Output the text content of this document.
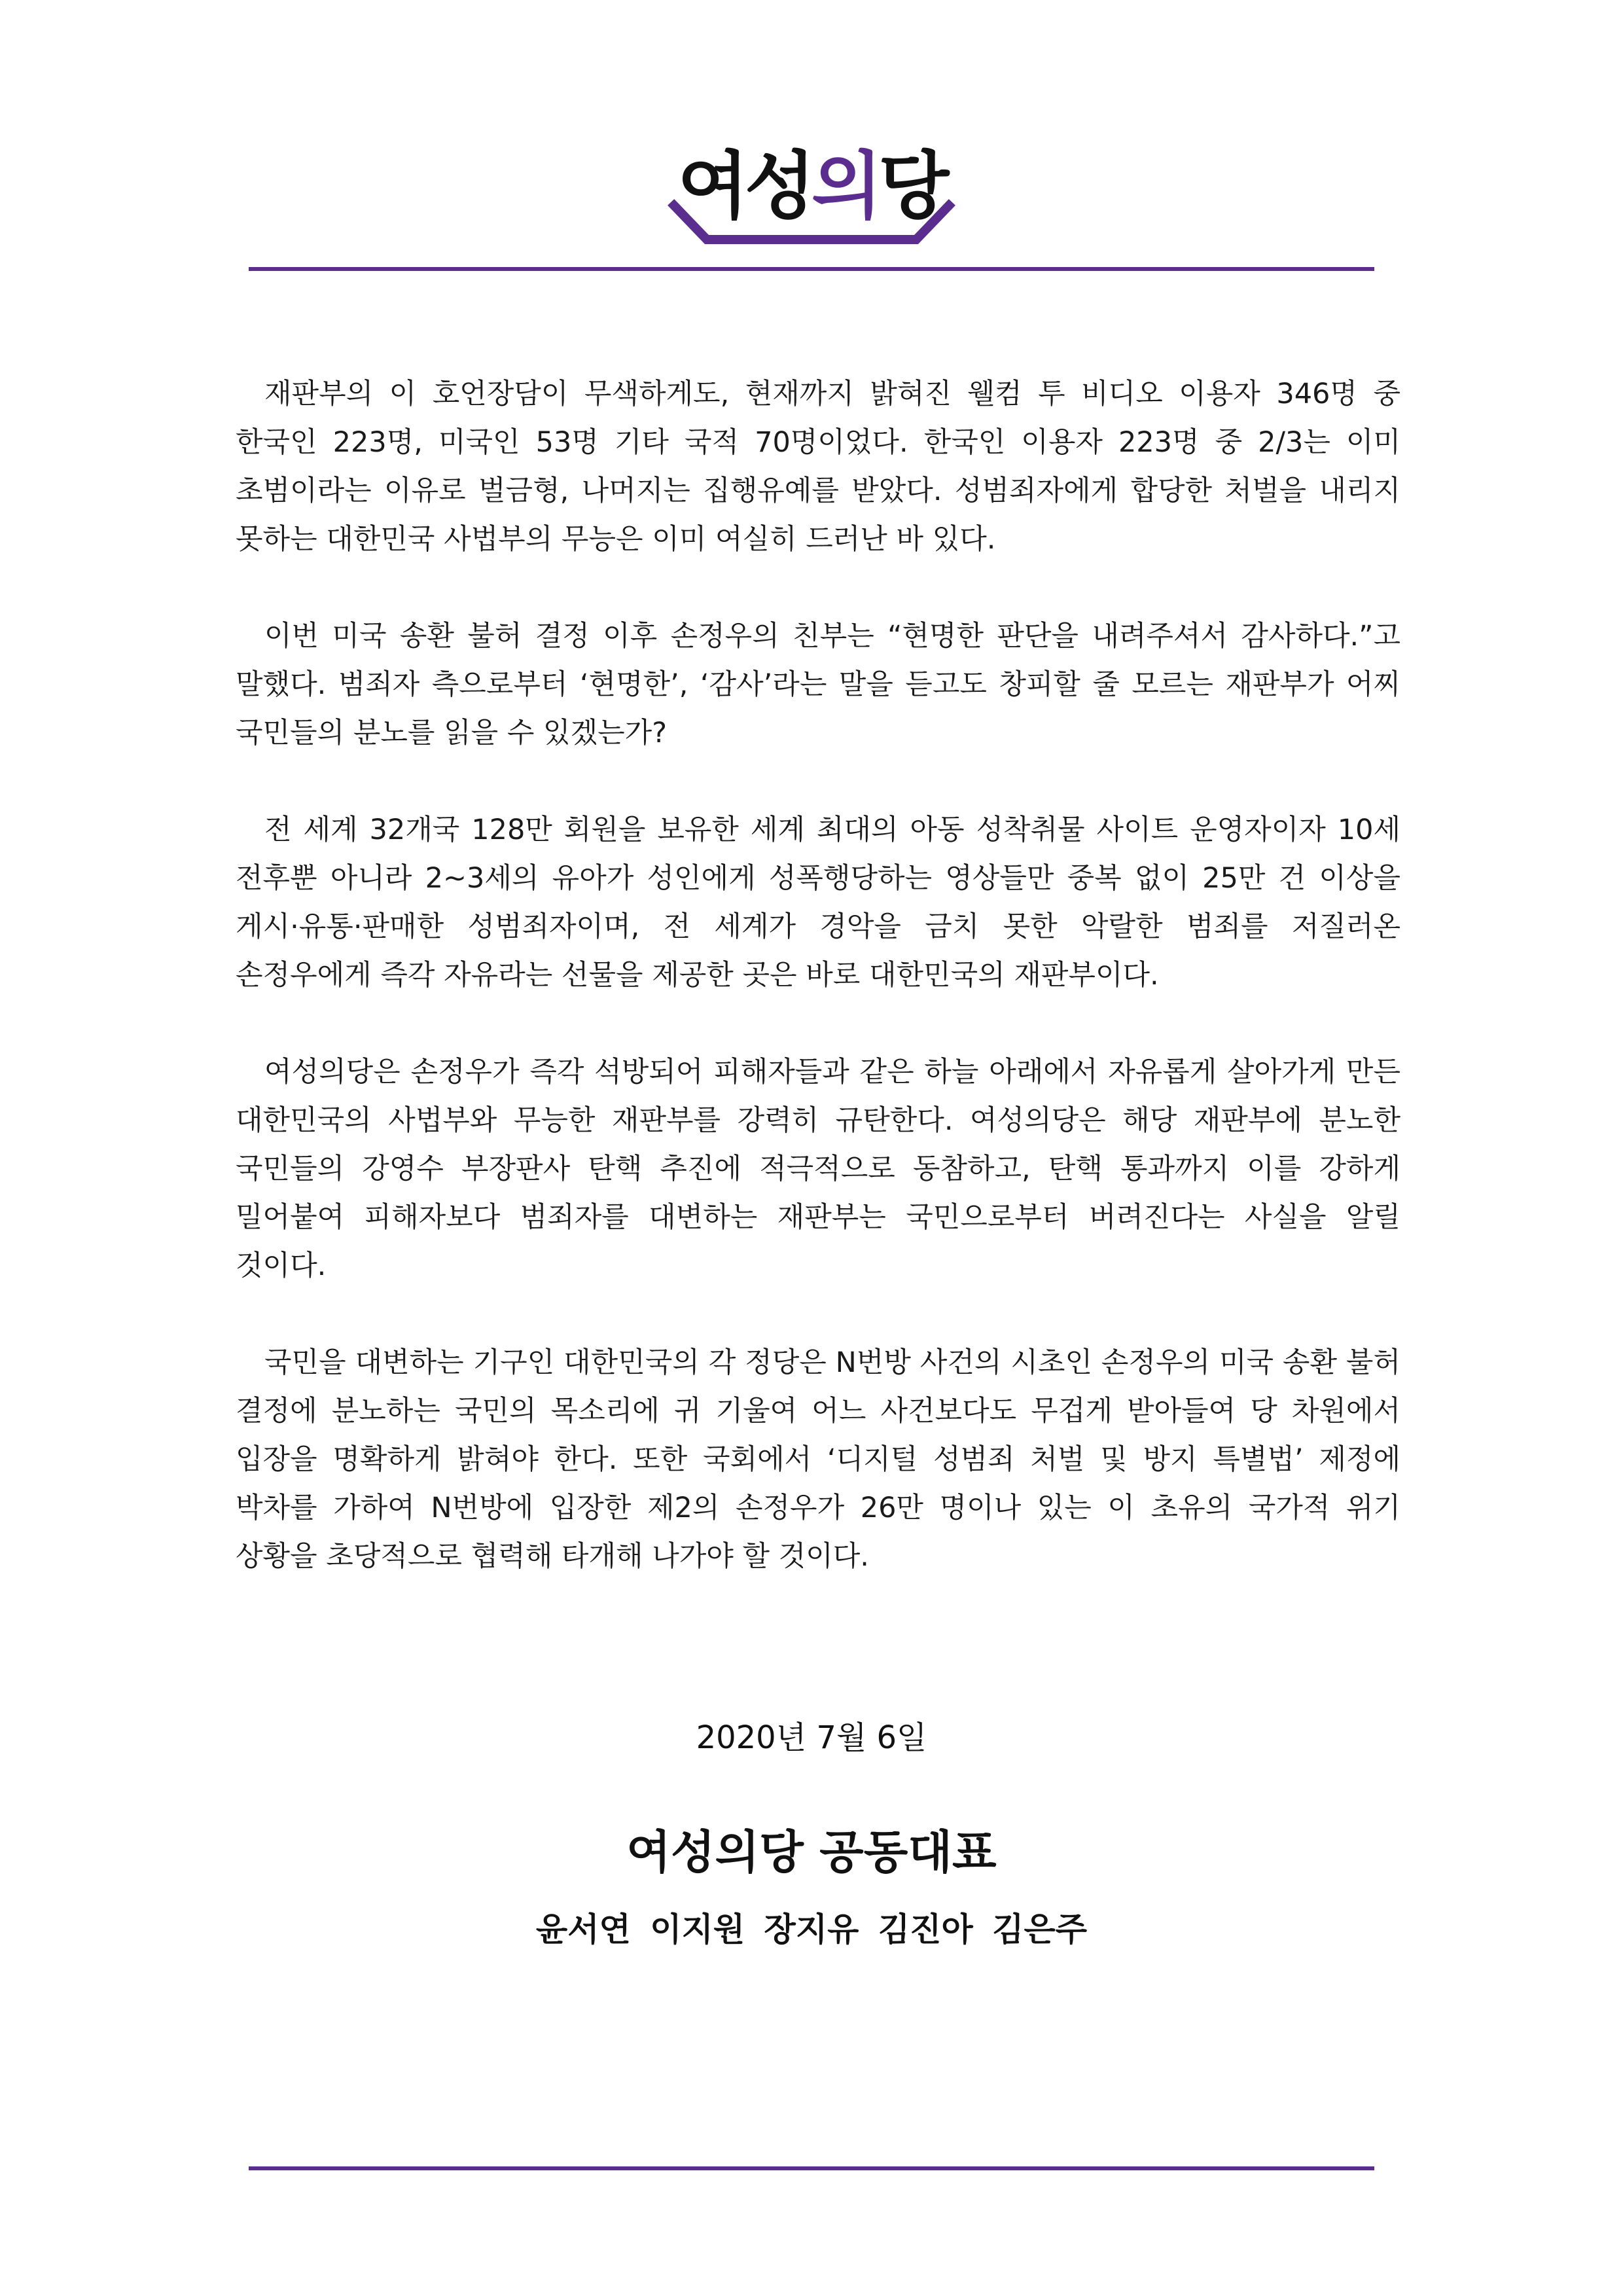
여성의당

재판부의 이 호언장담이 무색하게도, 현재까지 밝혀진 웰컴 투 비디오 이용자 346명 중 한국인 223명, 미국인 53명 기타 국적 70명이었다. 한국인 이용자 223명 중 2/3는 이미 초범이라는 이유로 벌금형, 나머지는 집행유예를 받았다. 성범죄자에게 합당한 처벌을 내리지 못하는 대한민국 사법부의 무능은 이미 여실히 드러난 바 있다.

이번 미국 송환 불허 결정 이후 손정우의 친부는 “현명한 판단을 내려주셔서 감사하다.”고 말했다. 범죄자 측으로부터 ‘현명한’, ‘감사’라는 말을 듣고도 창피할 줄 모르는 재판부가 어찌 국민들의 분노를 읽을 수 있겠는가?

전 세계 32개국 128만 회원을 보유한 세계 최대의 아동 성착취물 사이트 운영자이자 10세 전후뿐 아니라 2~3세의 유아가 성인에게 성폭행당하는 영상들만 중복 없이 25만 건 이상을 게시·유통·판매한 성범죄자이며, 전 세계가 경악을 금치 못한 악랄한 범죄를 저질러온 손정우에게 즉각 자유라는 선물을 제공한 곳은 바로 대한민국의 재판부이다.

여성의당은 손정우가 즉각 석방되어 피해자들과 같은 하늘 아래에서 자유롭게 살아가게 만든 대한민국의 사법부와 무능한 재판부를 강력히 규탄한다. 여성의당은 해당 재판부에 분노한 국민들의 강영수 부장판사 탄핵 추진에 적극적으로 동참하고, 탄핵 통과까지 이를 강하게 밀어붙여 피해자보다 범죄자를 대변하는 재판부는 국민으로부터 버려진다는 사실을 알릴 것이다.

국민을 대변하는 기구인 대한민국의 각 정당은 N번방 사건의 시초인 손정우의 미국 송환 불허 결정에 분노하는 국민의 목소리에 귀 기울여 어느 사건보다도 무겁게 받아들여 당 차원에서 입장을 명확하게 밝혀야 한다. 또한 국회에서 ‘디지털 성범죄 처벌 및 방지 특별법’ 제정에 박차를 가하여 N번방에 입장한 제2의 손정우가 26만 명이나 있는 이 초유의 국가적 위기 상황을 초당적으로 협력해 타개해 나가야 할 것이다.

2020년 7월 6일
여성의당 공동대표
윤서연 이지원 장지유 김진아 김은주
